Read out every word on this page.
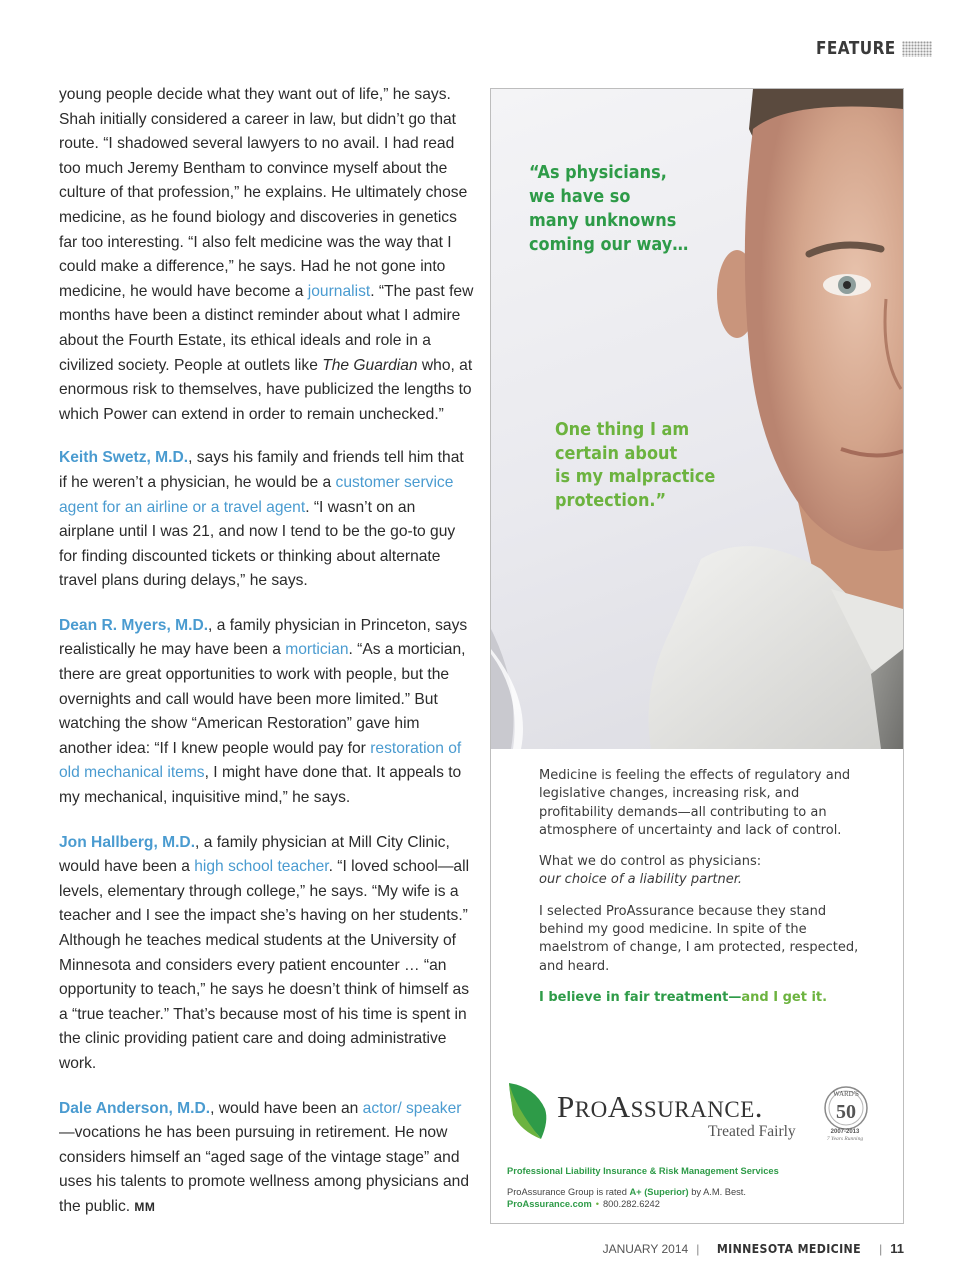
FEATURE

young people decide what they want out of life,” he says. Shah initially considered a career in law, but didn’t go that route. “I shadowed several lawyers to no avail. I had read too much Jeremy Bentham to convince myself about the culture of that profession,” he explains. He ultimately chose medicine, as he found biology and discoveries in genetics far too interesting. “I also felt medicine was the way that I could make a difference,” he says. Had he not gone into medicine, he would have become a journalist. “The past few months have been a distinct reminder about what I admire about the Fourth Estate, its ethical ideals and role in a civilized society. People at outlets like The Guardian who, at enormous risk to themselves, have publicized the lengths to which Power can extend in order to remain unchecked.”

Keith Swetz, M.D., says his family and friends tell him that if he weren’t a physician, he would be a customer service agent for an airline or a travel agent. “I wasn’t on an airplane until I was 21, and now I tend to be the go-to guy for finding discounted tickets or thinking about alternate travel plans during delays,” he says.

Dean R. Myers, M.D., a family physician in Princeton, says realistically he may have been a mortician. “As a mortician, there are great opportunities to work with people, but the overnights and call would have been more limited.” But watching the show “American Restoration” gave him another idea: “If I knew people would pay for restoration of old mechanical items, I might have done that. It appeals to my mechanical, inquisitive mind,” he says.

Jon Hallberg, M.D., a family physician at Mill City Clinic, would have been a high school teacher. “I loved school—all levels, elementary through college,” he says. “My wife is a teacher and I see the impact she’s having on her students.” Although he teaches medical students at the University of Minnesota and considers every patient encounter … “an opportunity to teach,” he says he doesn’t think of himself as a “true teacher.” That’s because most of his time is spent in the clinic providing patient care and doing administrative work.

Dale Anderson, M.D., would have been an actor/ speaker—vocations he has been pursuing in retirement. He now considers himself an “aged sage of the vintage stage” and uses his talents to promote wellness among physicians and the public. MM

“As physicians,
we have so
many unknowns
coming our way…
One thing I am
certain about
is my malpractice
protection.”

Medicine is feeling the effects of regulatory and legislative changes, increasing risk, and profitability demands—all contributing to an atmosphere of uncertainty and lack of control.

What we do control as physicians:
our choice of a liability partner.

I selected ProAssurance because they stand behind my good medicine. In spite of the maelstrom of change, I am protected, respected, and heard.

I believe in fair treatment—and I get it.

PROASSURANCE.
Treated Fairly
WARD'S
50
2007-2013
7 Years Running
Professional Liability Insurance & Risk Management Services
ProAssurance Group is rated A+ (Superior) by A.M. Best.
ProAssurance.com • 800.282.6242
JANUARY 2014 | MINNESOTA MEDICINE | 11
